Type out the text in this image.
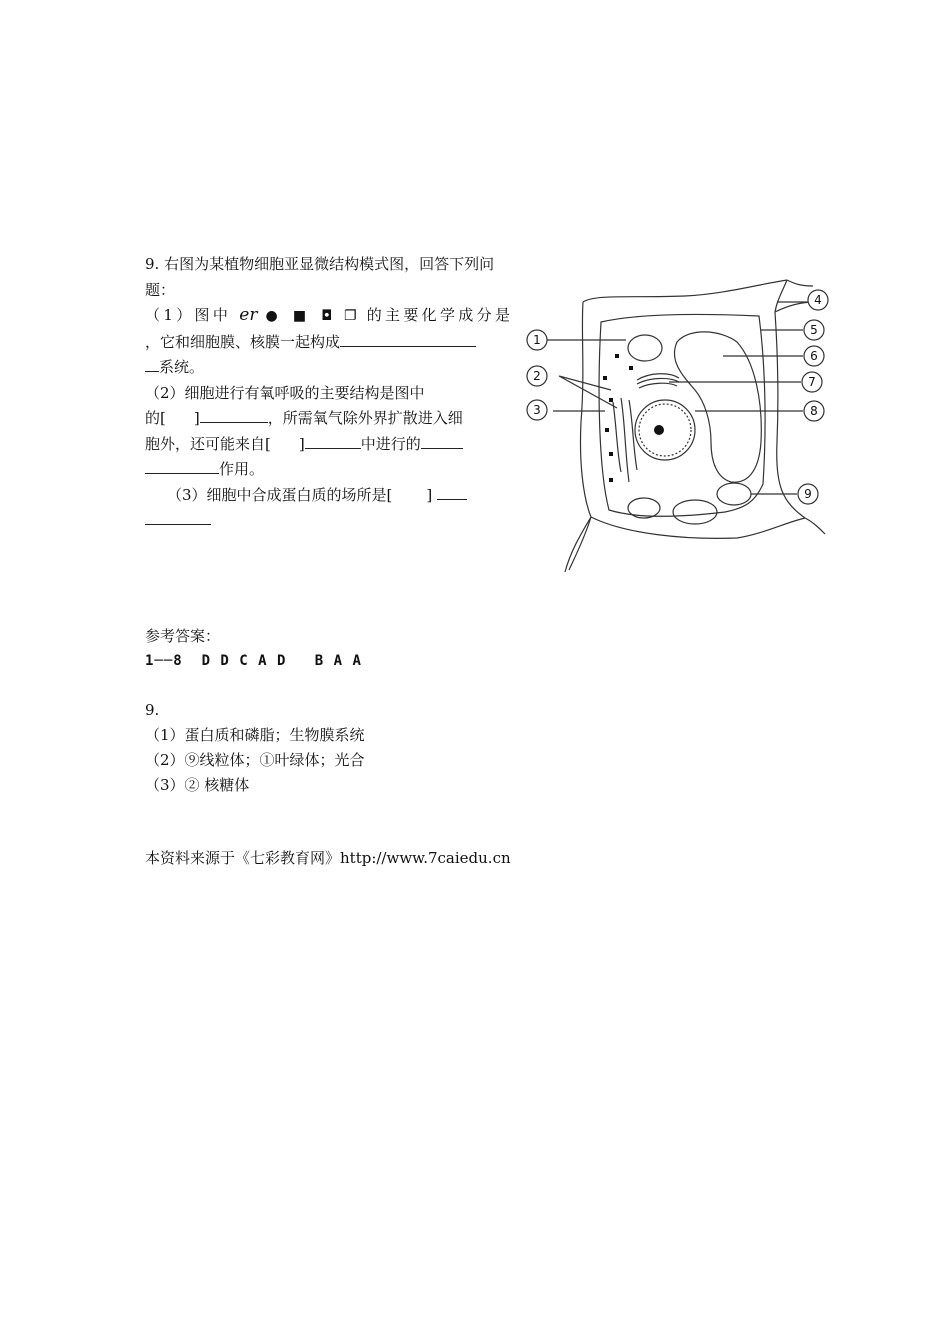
9. 右图为某植物细胞亚显微结构模式图，回答下列问题：

（1）图中 er ● ■ ◘ ❐ 的主要化学成分是

，它和细胞膜、核膜一起构成

系统。

（2）细胞进行有氧呼吸的主要结构是图中

的[ ]	，所需氧气除外界扩散进入细

胞外，还可能来自[ ]	中进行的

作用。

（3）细胞中合成蛋白质的场所是[ ]

1
2
3
4
5
6
7
8
9

参考答案：

1──8 D D C A D   B A A

9.

（1）蛋白质和磷脂；生物膜系统

（2）⑨线粒体；①叶绿体；光合

（3）② 核糖体

本资料来源于《七彩教育网》http://www.7caiedu.cn
